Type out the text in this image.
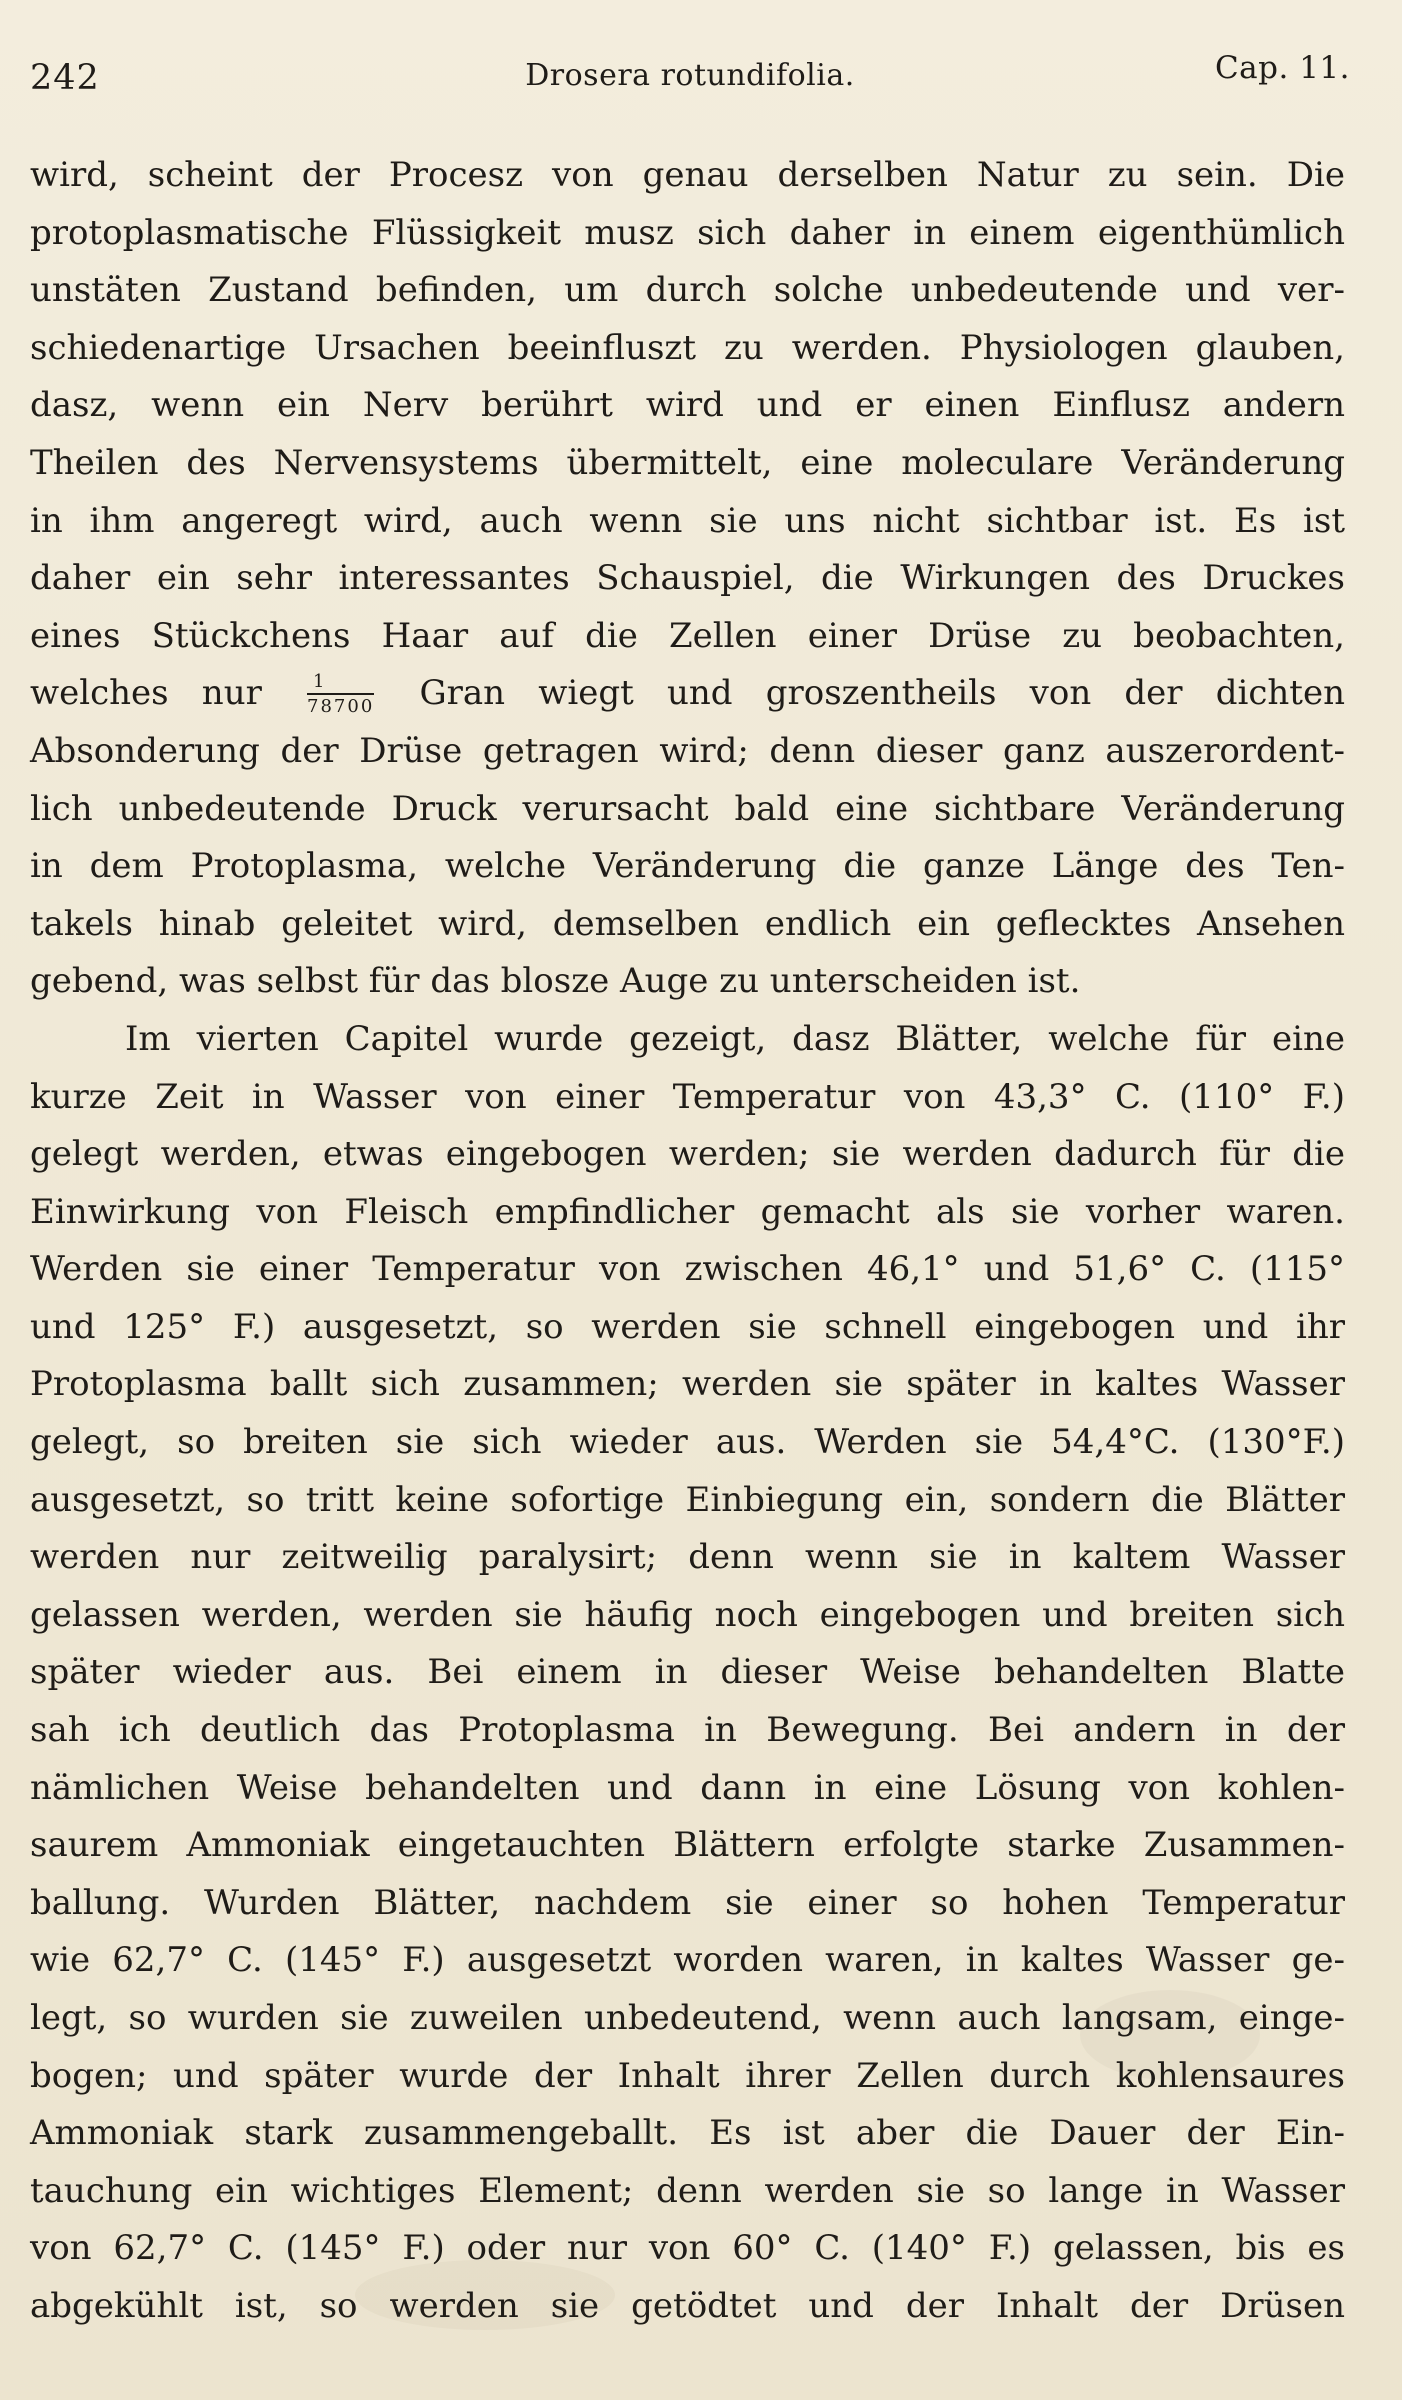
242	Drosera rotundifolia.	Cap. 11.
wird, scheint der Procesz von genau derselben Natur zu sein. Die
protoplasmatische Flüssigkeit musz sich daher in einem eigenthümlich
unstäten Zustand befinden, um durch solche unbedeutende und ver-
schiedenartige Ursachen beeinfluszt zu werden. Physiologen glauben,
dasz, wenn ein Nerv berührt wird und er einen Einflusz andern
Theilen des Nervensystems übermittelt, eine moleculare Veränderung
in ihm angeregt wird, auch wenn sie uns nicht sichtbar ist. Es ist
daher ein sehr interessantes Schauspiel, die Wirkungen des Druckes
eines Stückchens Haar auf die Zellen einer Drüse zu beobachten,
welches nur	$\frac{1}{78700}$ Gran wiegt und groszentheils von der dichten
Absonderung der Drüse getragen wird; denn dieser ganz auszerordent-
lich unbedeutende Druck verursacht bald eine sichtbare Veränderung
in dem Protoplasma, welche Veränderung die ganze Länge des Ten-
takels hinab geleitet wird, demselben endlich ein geflecktes Ansehen
gebend, was selbst für das blosze Auge zu unterscheiden ist.
Im vierten Capitel wurde gezeigt, dasz Blätter, welche für eine
kurze Zeit in Wasser von einer Temperatur von 43,3° C. (110° F.)
gelegt werden, etwas eingebogen werden; sie werden dadurch für die
Einwirkung von Fleisch empfindlicher gemacht als sie vorher waren.
Werden sie einer Temperatur von zwischen 46,1° und 51,6° C. (115°
und 125° F.) ausgesetzt, so werden sie schnell eingebogen und ihr
Protoplasma ballt sich zusammen; werden sie später in kaltes Wasser
gelegt, so breiten sie sich wieder aus. Werden sie 54,4°C. (130°F.)
ausgesetzt, so tritt keine sofortige Einbiegung ein, sondern die Blätter
werden nur zeitweilig paralysirt; denn wenn sie in kaltem Wasser
gelassen werden, werden sie häufig noch eingebogen und breiten sich
später wieder aus. Bei einem in dieser Weise behandelten Blatte
sah ich deutlich das Protoplasma in Bewegung. Bei andern in der
nämlichen Weise behandelten und dann in eine Lösung von kohlen-
saurem Ammoniak eingetauchten Blättern erfolgte starke Zusammen-
ballung. Wurden Blätter, nachdem sie einer so hohen Temperatur
wie 62,7° C. (145° F.) ausgesetzt worden waren, in kaltes Wasser ge-
legt, so wurden sie zuweilen unbedeutend, wenn auch langsam, einge-
bogen; und später wurde der Inhalt ihrer Zellen durch kohlensaures
Ammoniak stark zusammengeballt. Es ist aber die Dauer der Ein-
tauchung ein wichtiges Element; denn werden sie so lange in Wasser
von 62,7° C. (145° F.) oder nur von 60° C. (140° F.) gelassen, bis es
abgekühlt ist, so werden sie getödtet und der Inhalt der Drüsen
